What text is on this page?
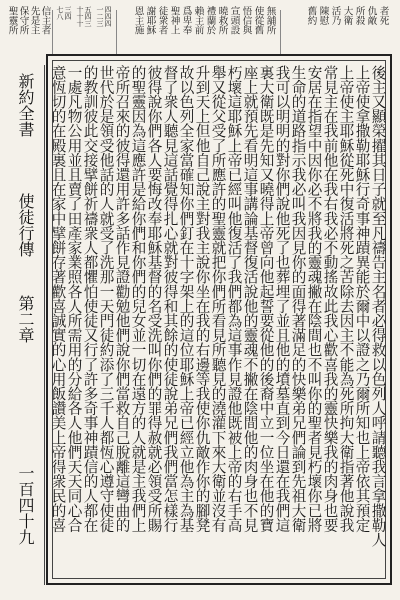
聖靈所 保守所 先是主 信主者 七八 三四 十十十 五四三 一二三 四四四 恩主施 謝耶穌 徒衆者 聖神上 爲卑奉 賴主前 禮蘭於 曉救所 宣頭設 悟信與 使從舊 無舖所	舊約 陳慰 活乃 大衛 所殺 仇敵 者死
新約全書
使徒行傳
第二章
一百四十九	後主又顯榮擢其日子就至凡禱告主名者必得救以色列人呼請聽我言拿撒勒人
上帝使拿撒勒耶穌行奇事神蹟異能於爾中以證之乃爾所知也上帝依其預定
上帝使主耶穌從死中復活將死之苦除去因主不能為死所拘大衛指著他說我
常見主在我前他在我右我必不動搖故此我心歡喜我的靈快樂我的肉身也要
安居在指望中因你必不將我的靈魂撇在陰間也不叫你的聖者見朽壞你已將
生命的道路指示我必叫我因見你的面得著滿足的快樂弟兄們論到先祖大衛
我可以明明的對你們說他死了也葬埋了並且他的墳墓直到今日還在我們這
裏大衛既是先知又曉得上帝曾向他起誓要從他的後裔中立一位坐在他的寶
座上就預先看明這事講論基督復活說他的靈魂不撇在陰間他的肉身也不見
朽壞這耶穌上帝已經叫他復活了我們都為這事作見證他既被上帝的右手高
舉又從父受了所應許的聖靈就把你們所看見所聽見的澆灌下來大衛並沒有
升到天上但他自己說主對我主說你坐在我的右邊等我使你仇敵作你的腳凳
故以色列全家當確知你們釘在十字架上的這位耶穌上帝已經立他為主為基
督了衆人聽見這話覺得扎心就對彼得和其餘的使徒說弟兄們我們當怎樣行
彼得說你們各人要悔改奉耶穌基督的名受洗叫你們的罪得赦就必領受所賜
的聖靈因為這應許是給你們和你們的兒女並一切在遠方的人就是主我們上
帝所召來的彼得還用許多話作見證勸勉他們說你們當救自己脫離這彎曲的
世代於是領受他話的人就受了洗那一天門徒約添了三千人都恆心遵守使徒
的教訓彼此交接擘餅祈禱衆人都懼怕使徒又行了許多奇事神蹟信的人都在
一處凡物公用並且賣了田產家業照各人所需用的分給各人他們天天同心合
意恆切的在殿裏且在家中擘餅存著歡喜誠實的心用飯讚美上帝得衆民的喜
